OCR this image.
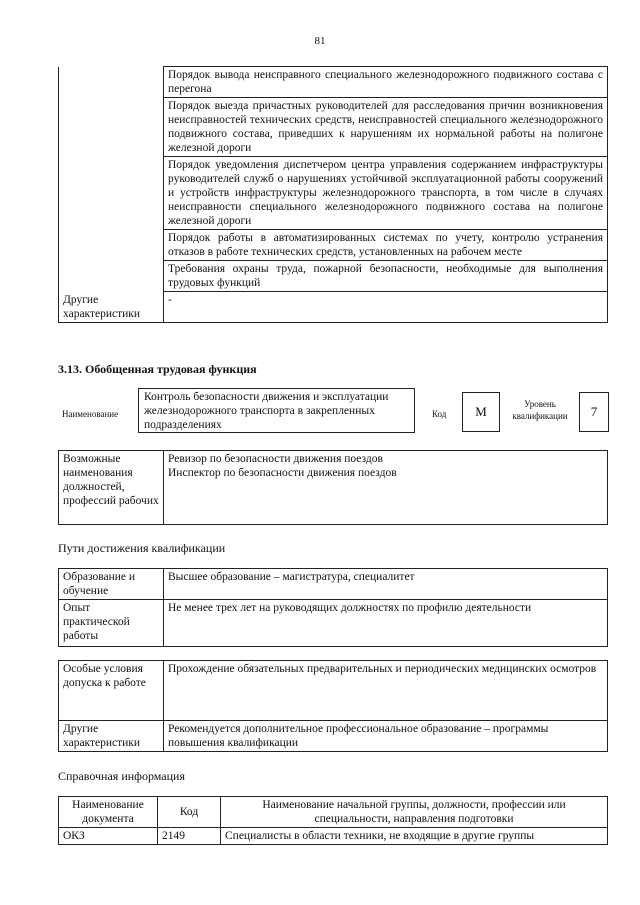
81
	Порядок вывода неисправного специального железнодорожного подвижного состава с перегона
	Порядок выезда причастных руководителей для расследования причин возникновения неисправностей технических средств, неисправностей специального железнодорожного подвижного состава, приведших к нарушениям их нормальной работы на полигоне железной дороги
	Порядок уведомления диспетчером центра управления содержанием инфраструктуры руководителей служб о нарушениях устойчивой эксплуатационной работы сооружений и устройств инфраструктуры железнодорожного транспорта, в том числе в случаях неисправности специального железнодорожного подвижного состава на полигоне железной дороги
	Порядок работы в автоматизированных системах по учету, контролю устранения отказов в работе технических средств, установленных на рабочем месте
	Требования охраны труда, пожарной безопасности, необходимые для выполнения трудовых функций
Другие характеристики	-
3.13. Обобщенная трудовая функция
Наименование
Контроль безопасности движения и эксплуатации железнодорожного транспорта в закрепленных подразделениях
Код	М	Уровень квалификации	7
Возможные наименования должностей, профессий рабочих	Ревизор по безопасности движения поездов
Инспектор по безопасности движения поездов
Пути достижения квалификации
Образование и обучение	Высшее образование – магистратура, специалитет
Опыт практической работы	Не менее трех лет на руководящих должностях по профилю деятельности
Особые условия допуска к работе	Прохождение обязательных предварительных и периодических медицинских осмотров
Другие характеристики	Рекомендуется дополнительное профессиональное образование – программы повышения квалификации
Справочная информация
Наименование документа	Код	Наименование начальной группы, должности, профессии или специальности, направления подготовки
ОКЗ	2149	Специалисты в области техники, не входящие в другие группы
